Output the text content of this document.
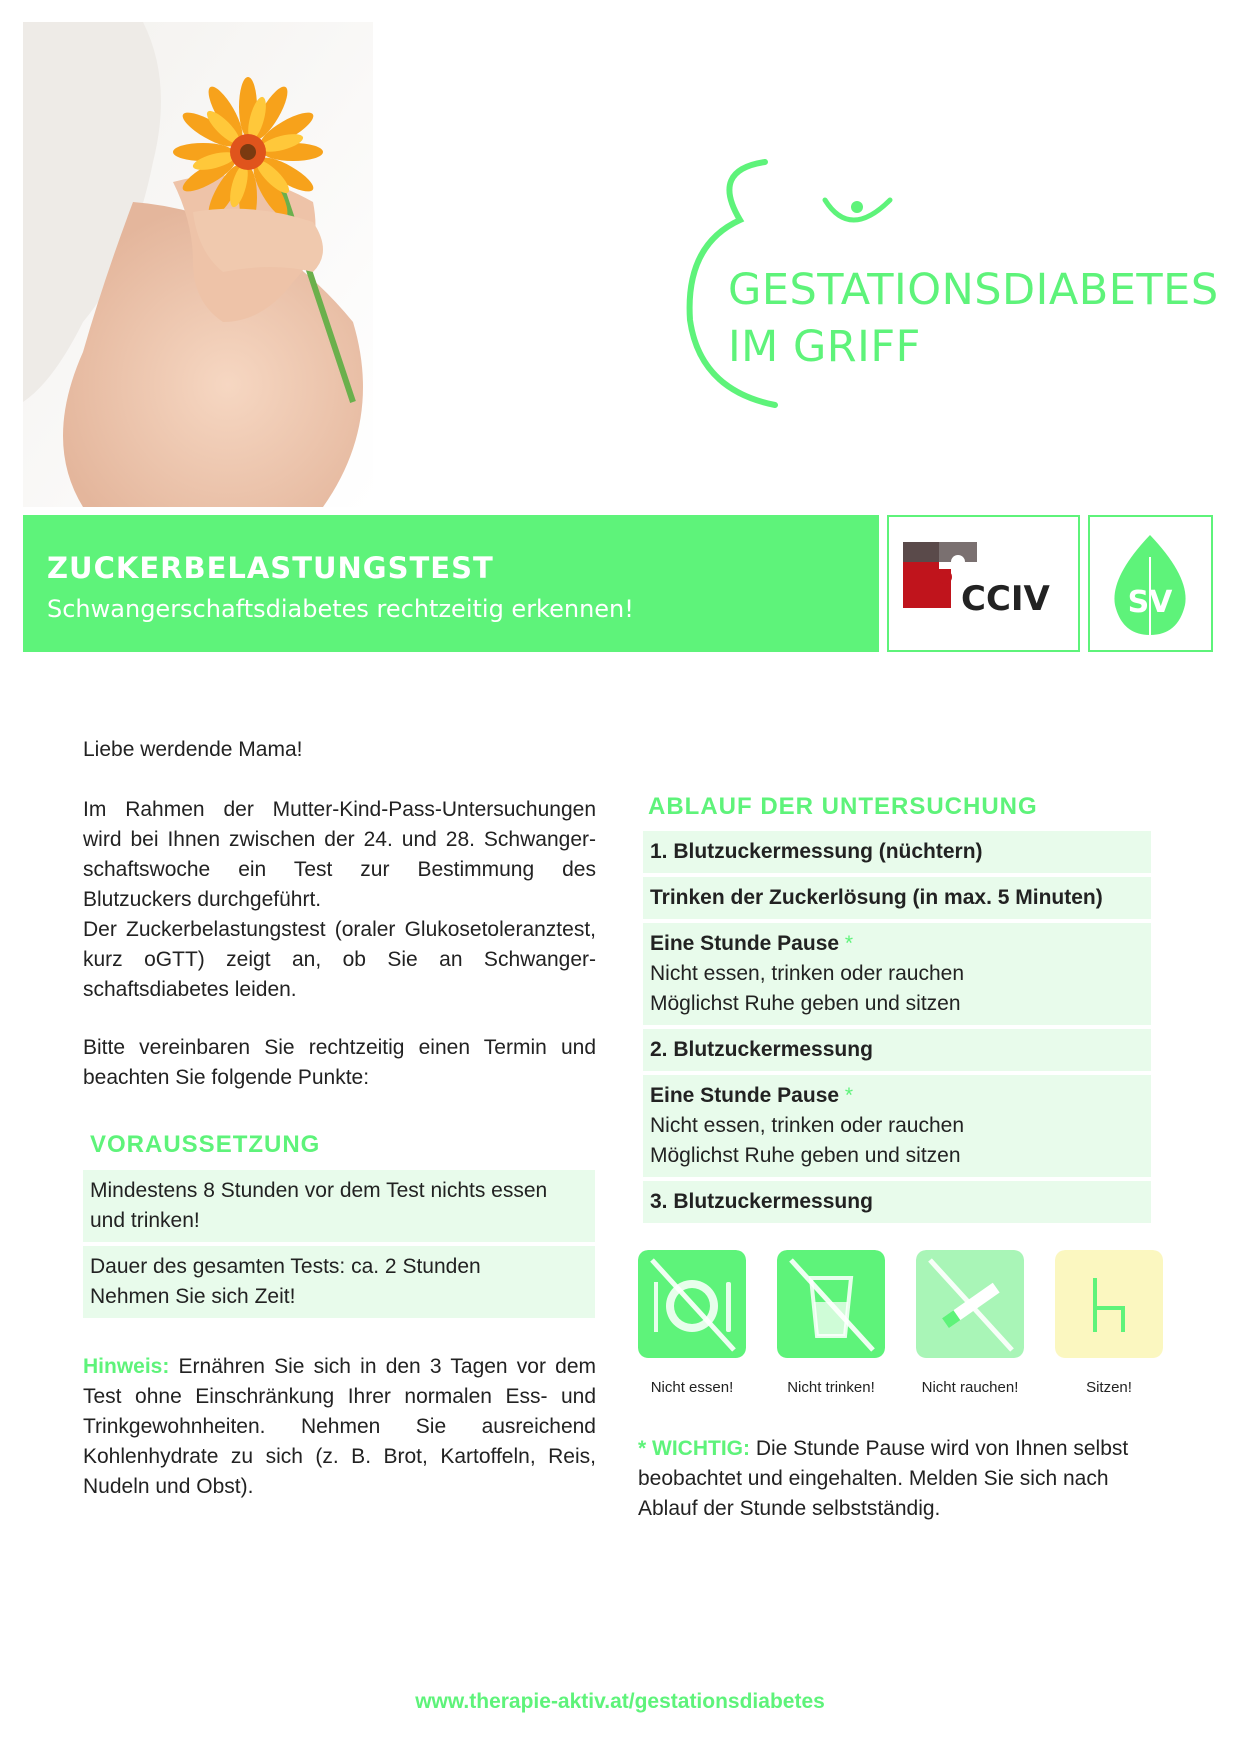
GESTATIONSDIABETES
IM GRIFF
ZUCKERBELASTUNGSTEST
Schwangerschaftsdiabetes rechtzeitig erkennen!	CCIV	SV
Liebe werdende Mama!
Im Rahmen der Mutter-Kind-Pass-Untersuchungen wird bei Ihnen zwischen der 24. und 28. Schwangerschaftswoche ein Test zur Bestimmung des Blutzuckers durchgeführt.
Der Zuckerbelastungstest (oraler Glukosetoleranztest, kurz oGTT) zeigt an, ob Sie an Schwangerschaftsdiabetes leiden.
Bitte vereinbaren Sie rechtzeitig einen Termin und beachten Sie folgende Punkte:
VORAUSSETZUNG
Mindestens 8 Stunden vor dem Test nichts essen und trinken!
Dauer des gesamten Tests: ca. 2 Stunden
Nehmen Sie sich Zeit!
Hinweis: Ernähren Sie sich in den 3 Tagen vor dem Test ohne Einschränkung Ihrer normalen Ess- und Trinkgewohnheiten. Nehmen Sie ausreichend Kohlenhydrate zu sich (z. B. Brot, Kartoffeln, Reis, Nudeln und Obst).
ABLAUF DER UNTERSUCHUNG
1. Blutzuckermessung (nüchtern)
Trinken der Zuckerlösung (in max. 5 Minuten)
Eine Stunde Pause *
Nicht essen, trinken oder rauchen
Möglichst Ruhe geben und sitzen
2. Blutzuckermessung
Eine Stunde Pause *
Nicht essen, trinken oder rauchen
Möglichst Ruhe geben und sitzen
3. Blutzuckermessung
Nicht essen!	Nicht trinken!	Nicht rauchen!	Sitzen!
* WICHTIG: Die Stunde Pause wird von Ihnen selbst beobachtet und eingehalten. Melden Sie sich nach Ablauf der Stunde selbstständig.
www.therapie-aktiv.at/gestationsdiabetes
